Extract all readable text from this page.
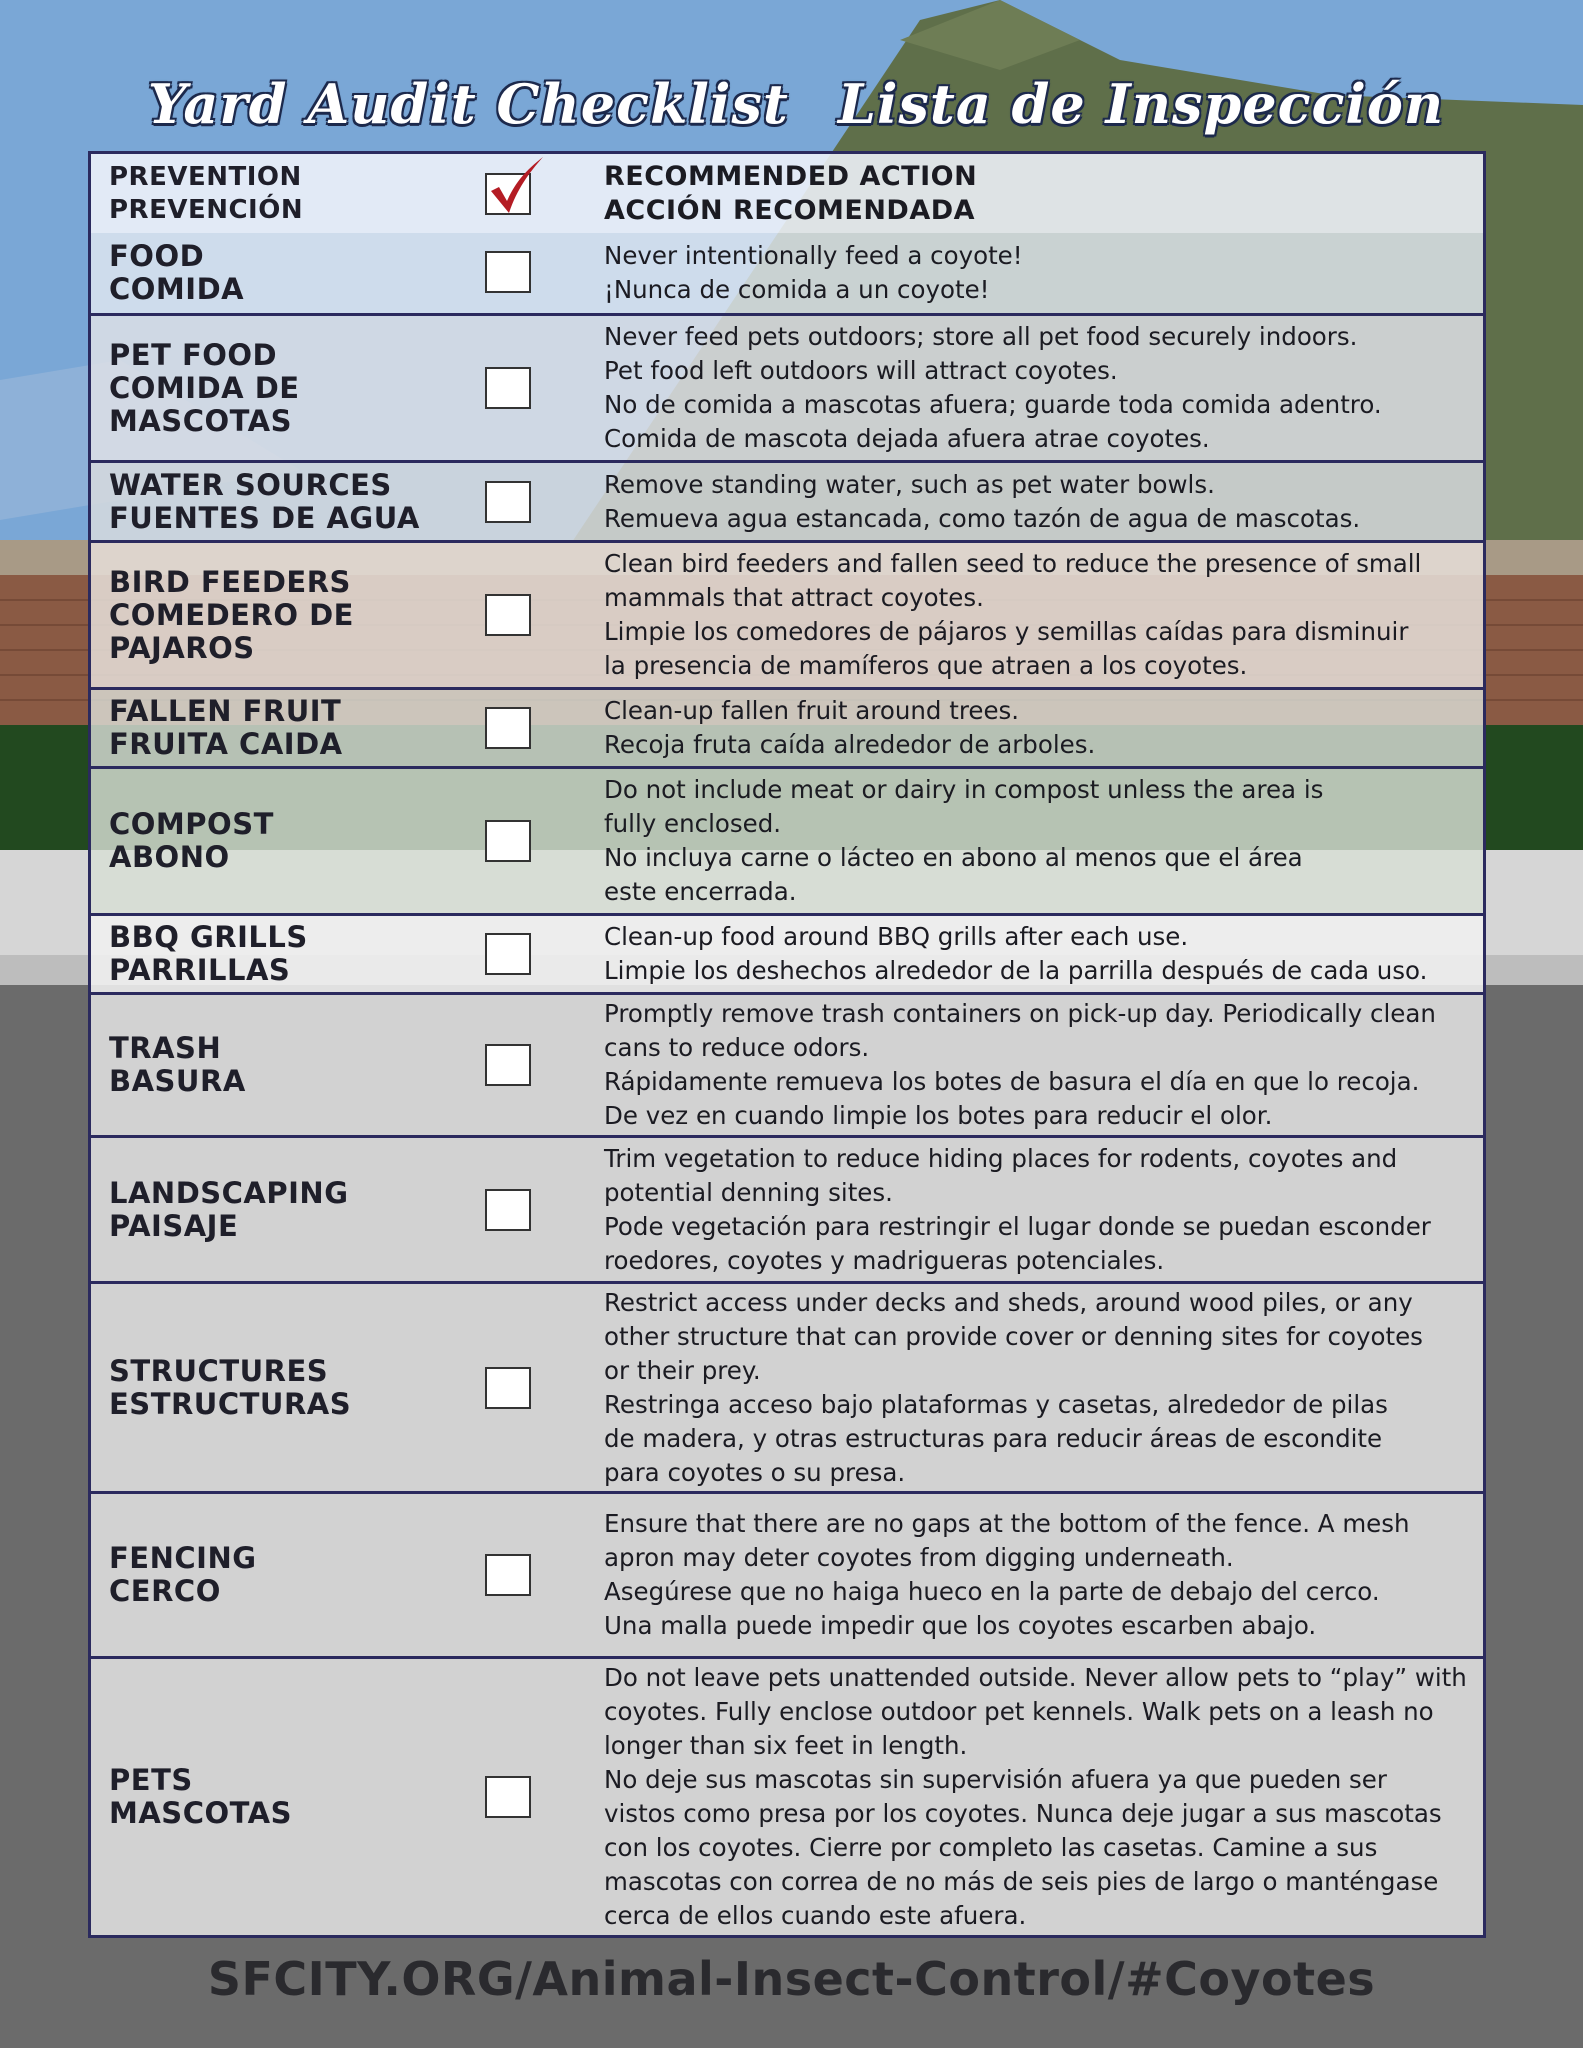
Yard Audit Checklist Lista de Inspección
PREVENTION
PREVENCIÓN
RECOMMENDED ACTION
ACCIÓN RECOMENDADA
FOOD
COMIDA
Never intentionally feed a coyote!
¡Nunca de comida a un coyote!
PET FOOD
COMIDA DE
MASCOTAS
Never feed pets outdoors; store all pet food securely indoors.
Pet food left outdoors will attract coyotes.
No de comida a mascotas afuera; guarde toda comida adentro.
Comida de mascota dejada afuera atrae coyotes.
WATER SOURCES
FUENTES DE AGUA
Remove standing water, such as pet water bowls.
Remueva agua estancada, como tazón de agua de mascotas.
BIRD FEEDERS
COMEDERO DE
PAJAROS
Clean bird feeders and fallen seed to reduce the presence of small
mammals that attract coyotes.
Limpie los comedores de pájaros y semillas caídas para disminuir
la presencia de mamíferos que atraen a los coyotes.
FALLEN FRUIT
FRUITA CAIDA
Clean-up fallen fruit around trees.
Recoja fruta caída alrededor de arboles.
COMPOST
ABONO
Do not include meat or dairy in compost unless the area is
fully enclosed.
No incluya carne o lácteo en abono al menos que el área
este encerrada.
BBQ GRILLS
PARRILLAS
Clean-up food around BBQ grills after each use.
Limpie los deshechos alrededor de la parrilla después de cada uso.
TRASH
BASURA
Promptly remove trash containers on pick-up day. Periodically clean
cans to reduce odors.
Rápidamente remueva los botes de basura el día en que lo recoja.
De vez en cuando limpie los botes para reducir el olor.
LANDSCAPING
PAISAJE
Trim vegetation to reduce hiding places for rodents, coyotes and
potential denning sites.
Pode vegetación para restringir el lugar donde se puedan esconder
roedores, coyotes y madrigueras potenciales.
STRUCTURES
ESTRUCTURAS
Restrict access under decks and sheds, around wood piles, or any
other structure that can provide cover or denning sites for coyotes
or their prey.
Restringa acceso bajo plataformas y casetas, alrededor de pilas
de madera, y otras estructuras para reducir áreas de escondite
para coyotes o su presa.
FENCING
CERCO
Ensure that there are no gaps at the bottom of the fence. A mesh
apron may deter coyotes from digging underneath.
Asegúrese que no haiga hueco en la parte de debajo del cerco.
Una malla puede impedir que los coyotes escarben abajo.
PETS
MASCOTAS
Do not leave pets unattended outside. Never allow pets to “play” with
coyotes. Fully enclose outdoor pet kennels. Walk pets on a leash no
longer than six feet in length.
No deje sus mascotas sin supervisión afuera ya que pueden ser
vistos como presa por los coyotes. Nunca deje jugar a sus mascotas
con los coyotes. Cierre por completo las casetas. Camine a sus
mascotas con correa de no más de seis pies de largo o manténgase
cerca de ellos cuando este afuera.
SFCITY.ORG/Animal-Insect-Control/#Coyotes
